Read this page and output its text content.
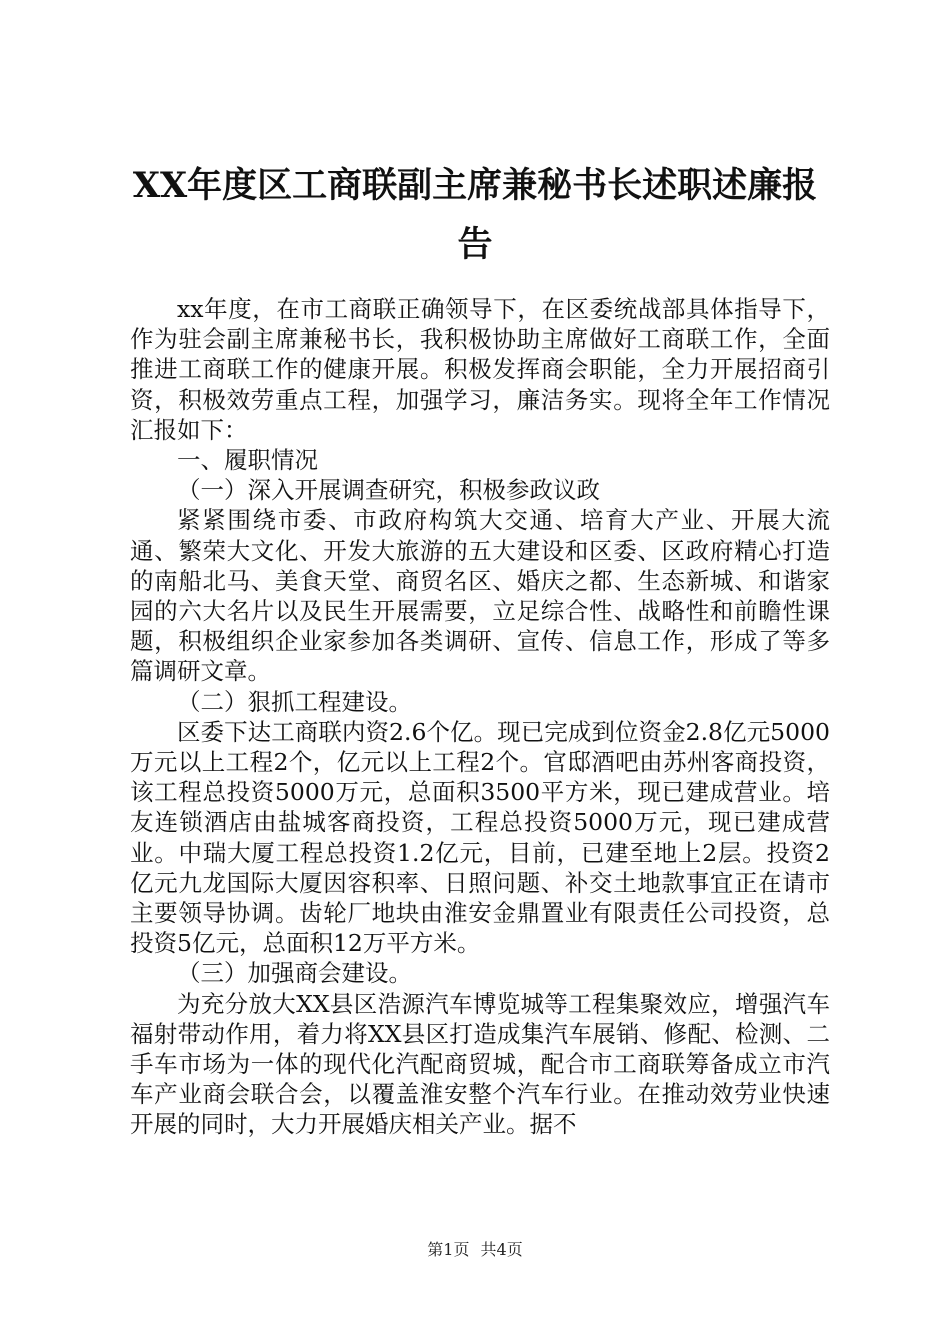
XX年度区工商联副主席兼秘书长述职述廉报
告

xx年度，在市工商联正确领导下，在区委统战部具体指导下，作为驻会副主席兼秘书长，我积极协助主席做好工商联工作，全面推进工商联工作的健康开展。积极发挥商会职能，全力开展招商引资，积极效劳重点工程，加强学习，廉洁务实。现将全年工作情况汇报如下：

一、履职情况

（一）深入开展调查研究，积极参政议政

紧紧围绕市委、市政府构筑大交通、培育大产业、开展大流通、繁荣大文化、开发大旅游的五大建设和区委、区政府精心打造的南船北马、美食天堂、商贸名区、婚庆之都、生态新城、和谐家园的六大名片以及民生开展需要，立足综合性、战略性和前瞻性课题，积极组织企业家参加各类调研、宣传、信息工作，形成了等多篇调研文章。

（二）狠抓工程建设。

区委下达工商联内资2.6个亿。现已完成到位资金2.8亿元5000万元以上工程2个，亿元以上工程2个。官邸酒吧由苏州客商投资，该工程总投资5000万元，总面积3500平方米，现已建成营业。培友连锁酒店由盐城客商投资，工程总投资5000万元，现已建成营业。中瑞大厦工程总投资1.2亿元，目前，已建至地上2层。投资2亿元九龙国际大厦因容积率、日照问题、补交土地款事宜正在请市主要领导协调。齿轮厂地块由淮安金鼎置业有限责任公司投资，总投资5亿元，总面积12万平方米。

（三）加强商会建设。

为充分放大XX县区浩源汽车博览城等工程集聚效应，增强汽车福射带动作用，着力将XX县区打造成集汽车展销、修配、检测、二手车市场为一体的现代化汽配商贸城，配合市工商联筹备成立市汽车产业商会联合会，以覆盖淮安整个汽车行业。在推动效劳业快速开展的同时，大力开展婚庆相关产业。据不

第1页 共4页
